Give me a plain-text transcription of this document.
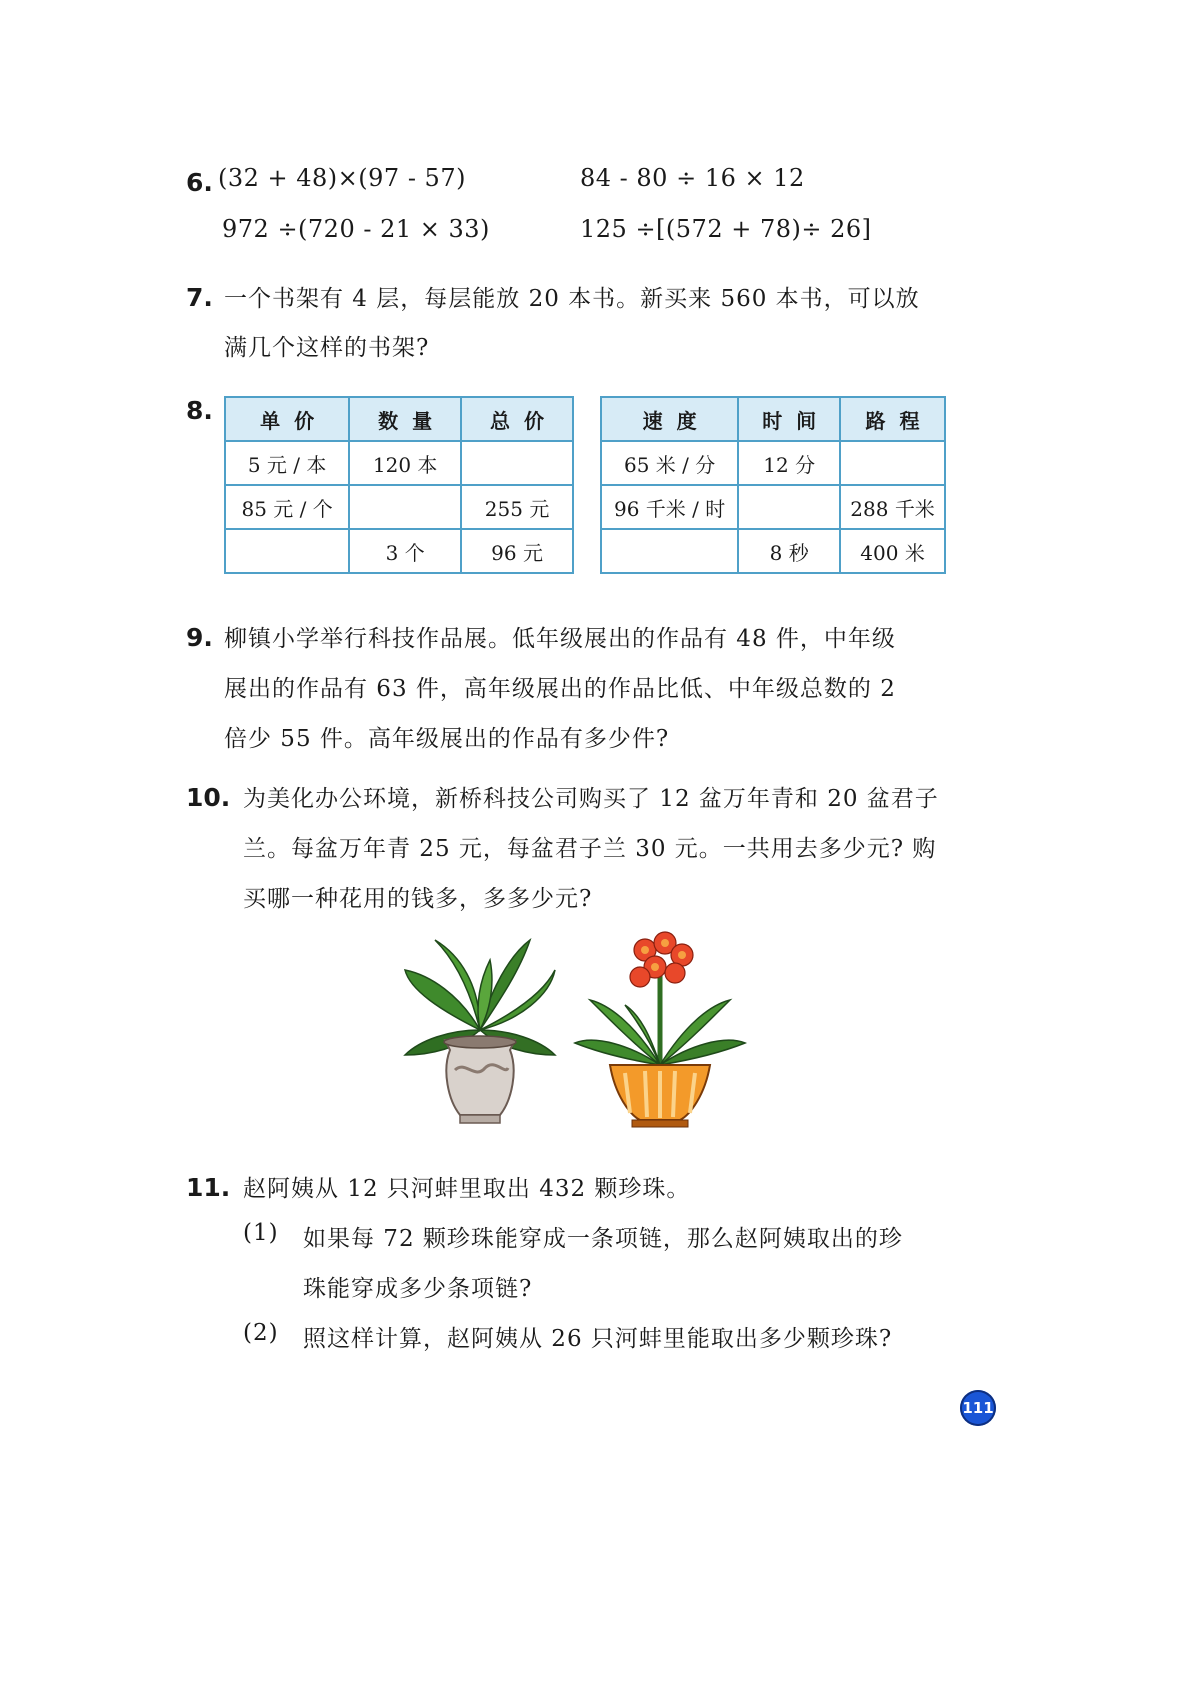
6. (32 + 48)×(97 - 57)	84 - 80 ÷ 16 × 12
972 ÷(720 - 21 × 33)	125 ÷[(572 + 78)÷ 26]
7. 一个书架有 4 层，每层能放 20 本书。新买来 560 本书，可以放
满几个这样的书架?
8. 单价	数量	总价
5 元 / 本	120 本	
85 元 / 个		255 元
	3 个	96 元
速度	时间	路程
65 米 / 分	12 分	
96 千米 / 时		288 千米
	8 秒	400 米
9. 柳镇小学举行科技作品展。低年级展出的作品有 48 件，中年级
展出的作品有 63 件，高年级展出的作品比低、中年级总数的 2
倍少 55 件。高年级展出的作品有多少件?
10. 为美化办公环境，新桥科技公司购买了 12 盆万年青和 20 盆君子
兰。每盆万年青 25 元，每盆君子兰 30 元。一共用去多少元? 购
买哪一种花用的钱多，多多少元?
11. 赵阿姨从 12 只河蚌里取出 432 颗珍珠。
(1) 如果每 72 颗珍珠能穿成一条项链，那么赵阿姨取出的珍
珠能穿成多少条项链?
(2) 照这样计算，赵阿姨从 26 只河蚌里能取出多少颗珍珠?
111
